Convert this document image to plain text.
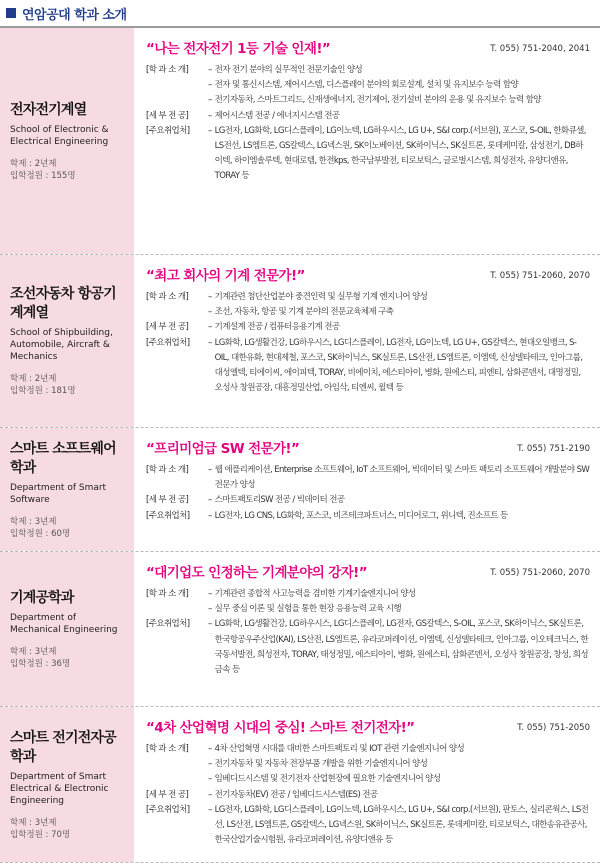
연암공대 학과 소개
전자전기계열
School of Electronic & Electrical Engineering
학제 : 2년제
입학정원 : 155명
“나는 전자전기 1등 기술 인재!”	T. 055) 751-2040, 2041
[학 과 소 개]	– 전자 전기 분야의 실무적인 전문기술인 양성
– 전자 및 통신시스템, 제어시스템, 디스플레이 분야의 회로설계, 설치 및 유지보수 능력 함양
– 전기자동차, 스마트그리드, 신재생에너지, 전기제어, 전기설비 분야의 운용 및 유지보수 능력 함양
[세 부 전 공]	– 제어시스템 전공 / 에너지시스템 전공
[주요취업처]	– LG전자, LG화학, LG디스플레이, LG이노텍, LG하우시스, LG U+, S&I corp.(서브원), 포스코, S-OIL, 한화큐셀, LS전선, LS엠트론, GS칼텍스, LG넥스원, SK이노베이션, SK하이닉스, SK실트론, 롯데케미칼, 삼성전기, DB하이텍, 하이엠솔루텍, 현대로템, 한전kps, 한국남부발전, 티로보틱스, 글로벌시스템, 희성전자, 유양디앤유, TORAY 등
조선자동차 항공기계계열
School of Shipbuilding, Automobile, Aircraft & Mechanics
학제 : 2년제
입학정원 : 181명
“최고 회사의 기계 전문가!”	T. 055) 751-2060, 2070
[학 과 소 개]	– 기계관련 첨단산업분야 중견인력 및 실무형 기계 엔지니어 양성
– 조선, 자동차, 항공 및 기계 분야의 전문교육체제 구축
[세 부 전 공]	– 기계설계 전공 / 컴퓨터응용기계 전공
[주요취업처]	– LG화학, LG생활건강, LG하우시스, LG디스플레이, LG전자, LG이노텍, LG U+, GS칼텍스, 현대오일뱅크, S-OIL, 대한유화, 현대제철, 포스코, SK하이닉스, SK실트론, LS산전, LS엠트론, 이엠텍, 신성델타테크, 인아그룹, 대성엘텍, 티에이씨, 에이피텍, TORAY, 비에이치, 에스티아이, 병화, 원에스티, 피엔티, 삼화콘덴서, 대명정밀, 오성사 창원공장, 대흥정밀산업, 아임삭, 티엔씨, 윌텍 등
스마트 소프트웨어학과
Department of Smart Software
학제 : 3년제
입학정원 : 60명
“프리미엄급 SW 전문가!”	T. 055) 751-2190
[학 과 소 개]	– 웹 애플리케이션, Enterprise 소프트웨어, IoT 소프트웨어, 빅데이터 및 스마트 팩토리 소프트웨어 개발분야 SW 전문가 양성
[세 부 전 공]	– 스마트팩토리SW 전공 / 빅데이터 전공
[주요취업처]	– LG전자, LG CNS, LG화학, 포스코, 비즈테크파트너스, 미디어로그, 위니텍, 진소프트 등
기계공학과
Department of Mechanical Engineering
학제 : 3년제
입학정원 : 36명
“대기업도 인정하는 기계분야의 강자!”	T. 055) 751-2060, 2070
[학 과 소 개]	– 기계관련 종합적 사고능력을 겸비한 기계기술엔지니어 양성
– 실무 중심 이론 및 실험을 통한 현장 응용능력 교육 시행
[주요취업처]	– LG화학, LG생활건강, LG하우시스, LG디스플레이, LG전자, GS칼텍스, S-OIL, 포스코, SK하이닉스, SK실트론, 한국항공우주산업(KAI), LS산전, LS엠트론, 유라코퍼레이션, 이엠텍, 신성델타테크, 인아그룹, 이오테크닉스, 한국동서발전, 희성전자, TORAY, 태성정밀, 에스티아이, 병화, 원에스티, 삼화콘덴서, 오성사 창원공장, 창성, 희성금속 등
스마트 전기전자공학과
Department of Smart Electrical & Electronic Engineering
학제 : 3년제
입학정원 : 70명
“4차 산업혁명 시대의 중심! 스마트 전기전자!”	T. 055) 751-2050
[학 과 소 개]	– 4차 산업혁명 시대를 대비한 스마트팩토리 및 IOT 관련 기술엔지니어 양성
– 전기자동차 및 자동차 전장부품 개발을 위한 기술엔지니어 양성
– 임베디드시스템 및 전기전자 산업현장에 필요한 기술엔지니어 양성
[세 부 전 공]	– 전기자동차(EV) 전공 / 임베디드시스템(ES) 전공
[주요취업처]	– LG전자, LG화학, LG디스플레이, LG이노텍, LG하우시스, LG U+, S&I corp.(서브원), 판토스, 실리콘웍스, LS전선, LS산전, LS엠트론, GS칼텍스, LG넥스원, SK하이닉스, SK실트론, 롯데케미칼, 티로보틱스, 대한송유관공사, 한국산업기술시험원, 유라코퍼레이션, 유양디앤유 등
